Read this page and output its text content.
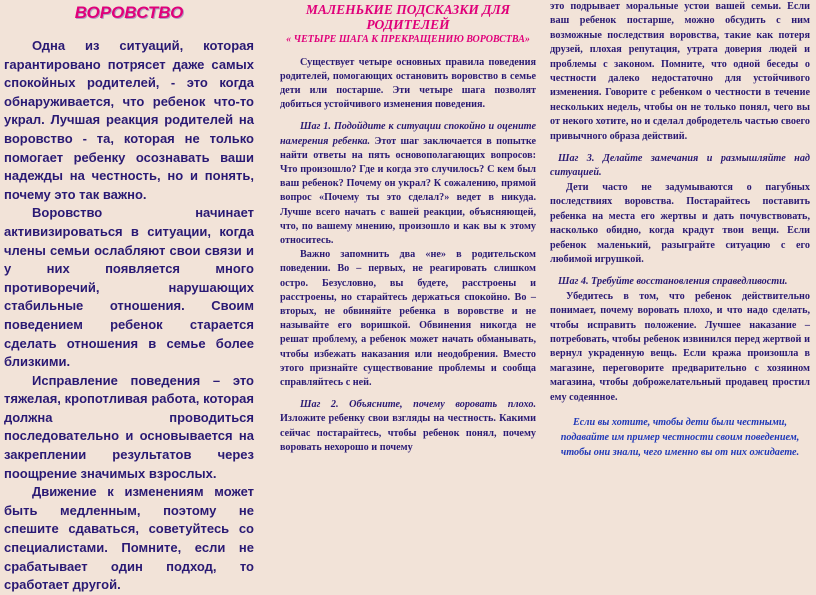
ВОРОВСТВО

Одна из ситуаций, которая гарантировано потрясет даже самых спокойных родителей, - это когда обнаруживается, что ребенок что-то украл. Лучшая реакция родителей на воровство - та, которая не только помогает ребенку осознавать ваши надежды на честность, но и понять, почему это так важно.

Воровство начинает активизироваться в ситуации, когда члены семьи ослабляют свои связи и у них появляется много противоречий, нарушающих стабильные отношения. Своим поведением ребенок старается сделать отношения в семье более близкими.

Исправление поведения – это тяжелая, кропотливая работа, которая должна проводиться последовательно и основывается на закреплении результатов через поощрение значимых взрослых.

Движение к изменениям может быть медленным, поэтому не спешите сдаваться, советуйтесь со специалистами. Помните, если не срабатывает один подход, то сработает другой.

МАЛЕНЬКИЕ ПОДСКАЗКИ ДЛЯ РОДИТЕЛЕЙ
« ЧЕТЫРЕ ШАГА К ПРЕКРАЩЕНИЮ ВОРОВСТВА»

Существует четыре основных правила поведения родителей, помогающих остановить воровство в семье дети или постарше. Эти четыре шага позволят добиться устойчивого изменения поведения.

Шаг 1. Подойдите к ситуации спокойно и оцените намерения ребенка. Этот шаг заключается в попытке найти ответы на пять основополагающих вопросов: Что произошло? Где и когда это случилось? С кем был ваш ребенок? Почему он украл? К сожалению, прямой вопрос «Почему ты это сделал?» ведет в никуда. Лучше всего начать с вашей реакции, объясняющей, что, по вашему мнению, произошло и как вы к этому относитесь.

Важно запомнить два «не» в родительском поведении. Во – первых, не реагировать слишком остро. Безусловно, вы будете, расстроены и расстроены, но старайтесь держаться спокойно. Во – вторых, не обвиняйте ребенка в воровстве и не называйте его воришкой. Обвинения никогда не решат проблему, а ребенок может начать обманывать, чтобы избежать наказания или неодобрения. Вместо этого признайте существование проблемы и сообща справляйтесь с ней.

Шаг 2. Объясните, почему воровать плохо. Изложите ребенку свои взгляды на честность. Какими сейчас постарайтесь, чтобы ребенок понял, почему воровать нехорошо и почему

это подрывает моральные устои вашей семьи. Если ваш ребенок постарше, можно обсудить с ним возможные последствия воровства, такие как потеря друзей, плохая репутация, утрата доверия людей и проблемы с законом. Помните, что одной беседы о честности далеко недостаточно для устойчивого изменения. Говорите с ребенком о честности в течение нескольких недель, чтобы он не только понял, чего вы от некого хотите, но и сделал добродетель частью своего привычного образа действий.

Шаг 3. Делайте замечания и размышляйте над ситуацией.

Дети часто не задумываются о пагубных последствиях воровства. Постарайтесь поставить ребенка на места его жертвы и дать почувствовать, насколько обидно, когда крадут твои вещи. Если ребенок маленький, разыграйте ситуацию с его любимой игрушкой.

Шаг 4. Требуйте восстановления справедливости.

Убедитесь в том, что ребенок действительно понимает, почему воровать плохо, и что надо сделать, чтобы исправить положение. Лучшее наказание – потребовать, чтобы ребенок извинился перед жертвой и вернул украденную вещь. Если кража произошла в магазине, переговорите предварительно с хозяином магазина, чтобы доброжелательный продавец простил ему содеянное.

Если вы хотите, чтобы дети были честными, подавайте им пример честности своим поведением, чтобы они знали, чего именно вы от них ожидаете.
